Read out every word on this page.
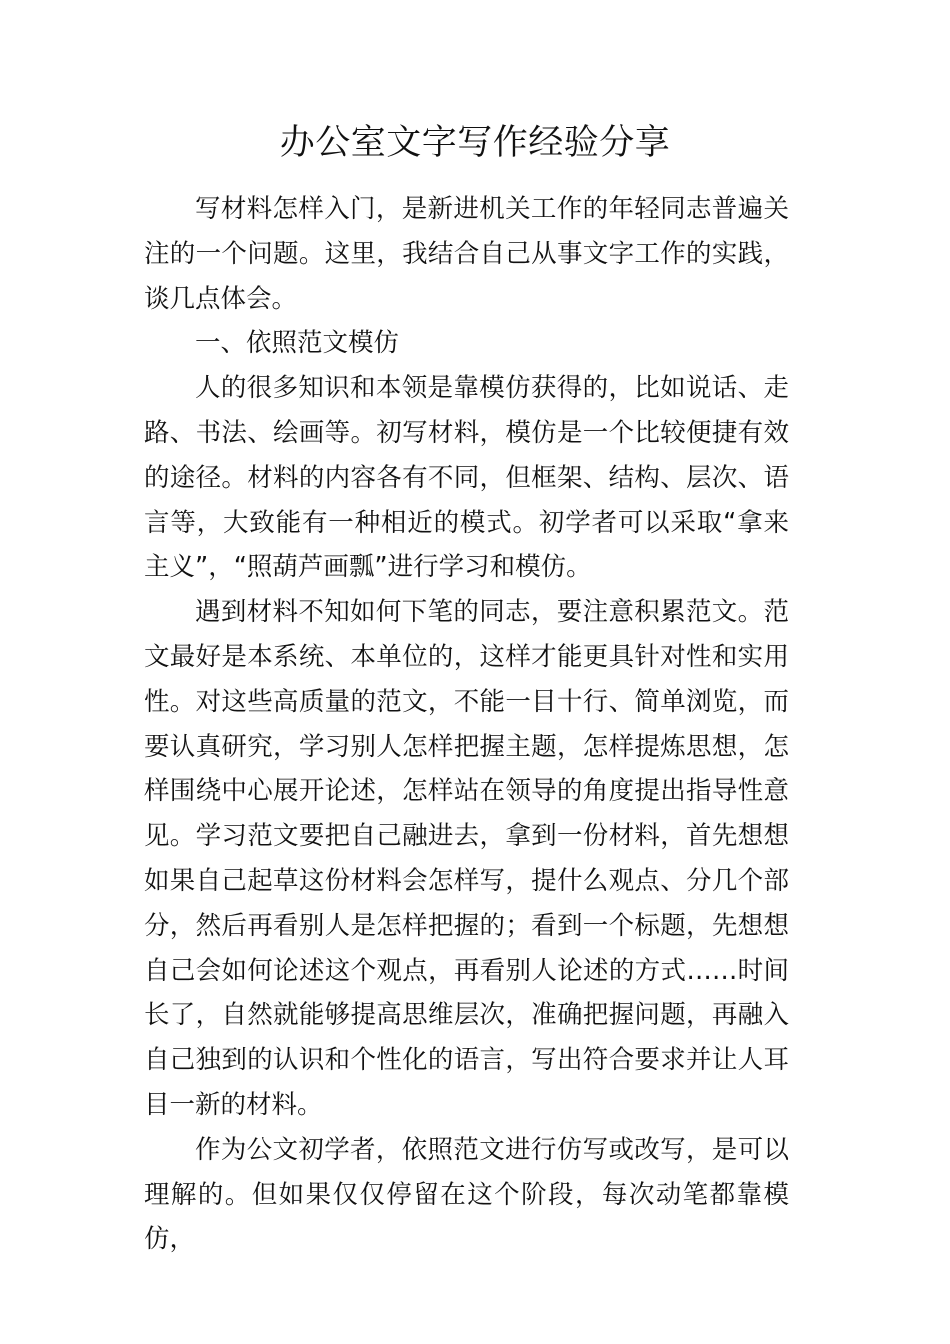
办公室文字写作经验分享

写材料怎样入门，是新进机关工作的年轻同志普遍关注的一个问题。这里，我结合自己从事文字工作的实践，谈几点体会。

一、依照范文模仿

人的很多知识和本领是靠模仿获得的，比如说话、走路、书法、绘画等。初写材料，模仿是一个比较便捷有效的途径。材料的内容各有不同，但框架、结构、层次、语言等，大致能有一种相近的模式。初学者可以采取“拿来主义”，“照葫芦画瓢”进行学习和模仿。

遇到材料不知如何下笔的同志，要注意积累范文。范文最好是本系统、本单位的，这样才能更具针对性和实用性。对这些高质量的范文，不能一目十行、简单浏览，而要认真研究，学习别人怎样把握主题，怎样提炼思想，怎样围绕中心展开论述，怎样站在领导的角度提出指导性意见。学习范文要把自己融进去，拿到一份材料，首先想想如果自己起草这份材料会怎样写，提什么观点、分几个部分，然后再看别人是怎样把握的；看到一个标题，先想想自己会如何论述这个观点，再看别人论述的方式……时间长了，自然就能够提高思维层次，准确把握问题，再融入自己独到的认识和个性化的语言，写出符合要求并让人耳目一新的材料。

作为公文初学者，依照范文进行仿写或改写，是可以理解的。但如果仅仅停留在这个阶段，每次动笔都靠模仿，
